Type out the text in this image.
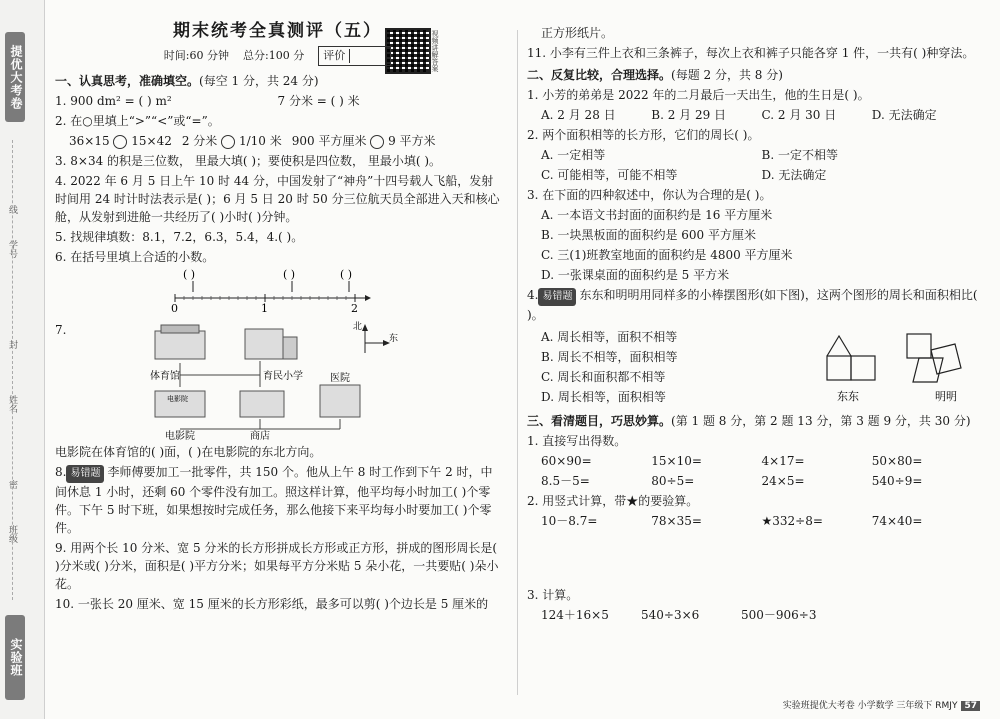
提优大考卷
学号
线
封
姓名
密
班级
实验班
视频讲解答案
期末统考全真测评（五）
时间:60 分钟 总分:100 分	评价
一、认真思考，准确填空。(每空 1 分，共 24 分)
1. 900 dm² = ( ) m²	7 分米 = ( ) 米
2. 在○里填上“>”“<”或“=”。
36×15 15×42 2 分米 1/10 米 900 平方厘米 9 平方米
3. 8×34 的积是三位数， 里最大填( )；要使积是四位数， 里最小填( )。
4. 2022 年 6 月 5 日上午 10 时 44 分，中国发射了“神舟”十四号载人飞船，发射时间用 24 时计时法表示是( )；6 月 5 日 20 时 50 分三位航天员全部进入天和核心舱，从发射到进舱一共经历了( )小时( )分钟。
5. 找规律填数：8.1，7.2，6.3，5.4，4.( )。
6. 在括号里填上合适的小数。
0	1	2
( )	( )	( )
7.
电影院
体育馆	育民小学
电影院	商店
医院
北
东
电影院在体育馆的( )面，( )在电影院的东北方向。
8. 易错题 李师傅要加工一批零件，共 150 个。他从上午 8 时工作到下午 2 时，中间休息 1 小时，还剩 60 个零件没有加工。照这样计算，他平均每小时加工( )个零件。下午 5 时下班，如果想按时完成任务，那么他接下来平均每小时要加工( )个零件。
9. 用两个长 10 分米、宽 5 分米的长方形拼成长方形或正方形，拼成的图形周长是( )分米或( )分米，面积是( )平方分米；如果每平方分米贴 5 朵小花，一共要贴( )朵小花。
10. 一张长 20 厘米、宽 15 厘米的长方形彩纸，最多可以剪( )个边长是 5 厘米的
正方形纸片。
11. 小李有三件上衣和三条裤子，每次上衣和裤子只能各穿 1 件，一共有( )种穿法。
二、反复比较，合理选择。(每题 2 分，共 8 分)
1. 小芳的弟弟是 2022 年的二月最后一天出生，他的生日是( )。
A. 2 月 28 日	B. 2 月 29 日	C. 2 月 30 日	D. 无法确定
2. 两个面积相等的长方形，它们的周长( )。
A. 一定相等	B. 一定不相等
C. 可能相等，可能不相等	D. 无法确定
3. 在下面的四种叙述中，你认为合理的是( )。
A. 一本语文书封面的面积约是 16 平方厘米
B. 一块黑板面的面积约是 600 平方厘米
C. 三(1)班教室地面的面积约是 4800 平方厘米
D. 一张课桌面的面积约是 5 平方米
4. 易错题 东东和明明用同样多的小棒摆图形(如下图)，这两个图形的周长和面积相比( )。
A. 周长相等，面积不相等
B. 周长不相等，面积相等
C. 周长和面积都不相等
D. 周长相等，面积相等	东东	明明
三、看清题目，巧思妙算。(第 1 题 8 分，第 2 题 13 分，第 3 题 9 分，共 30 分)
1. 直接写出得数。
60×90=	15×10=	4×17=	50×80=
8.5－5=	80÷5=	24×5=	540÷9=
2. 用竖式计算，带★的要验算。
10－8.7=	78×35=	★332÷8=	74×40=
3. 计算。
124＋16×5	540÷3×6	500－906÷3
实验班提优大考卷 小学数学 三年级下 RMJY 57
